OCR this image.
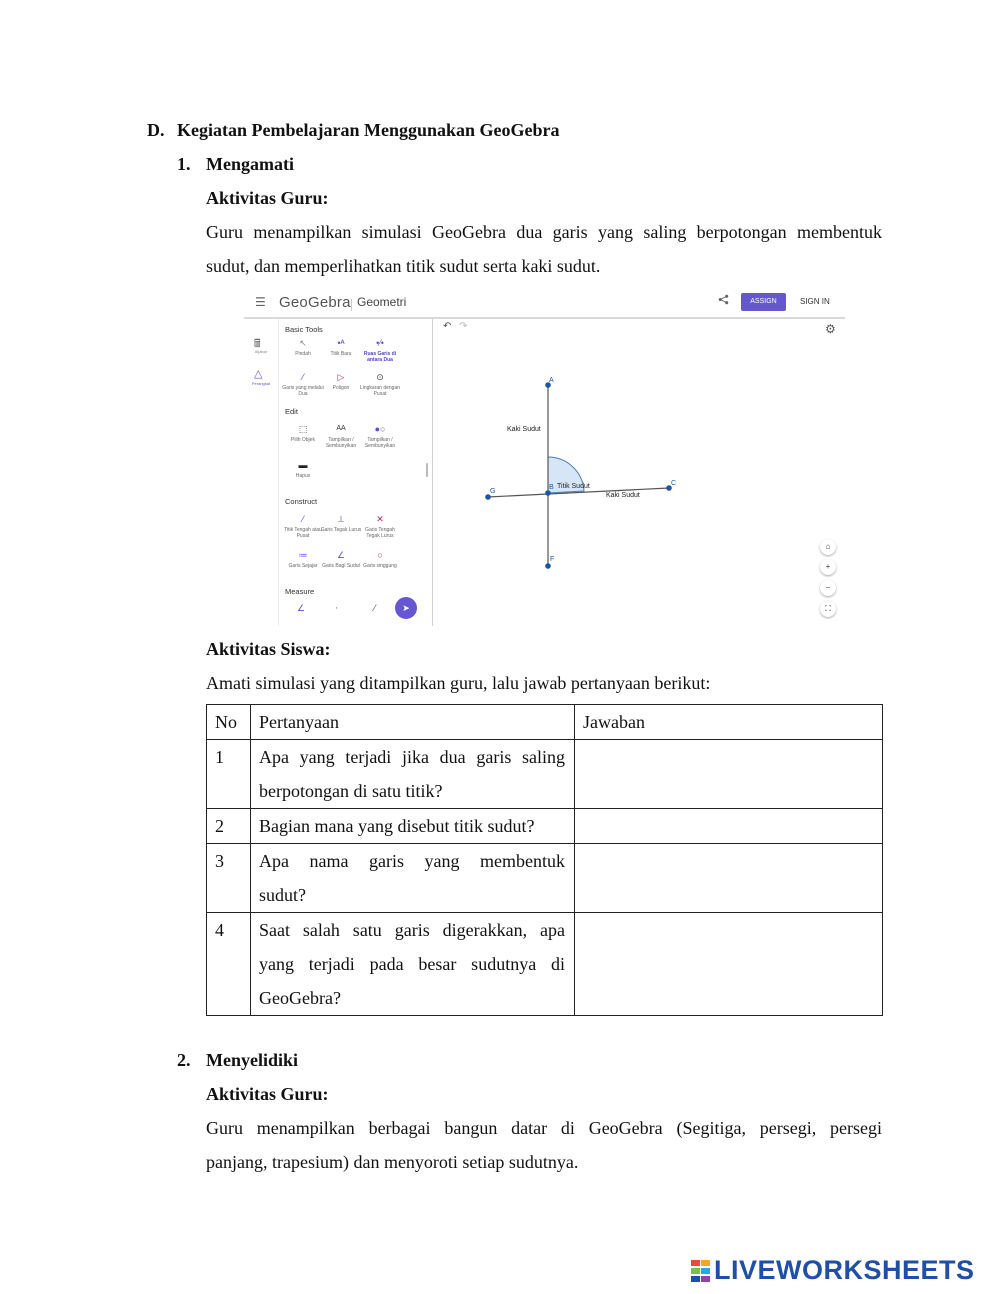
D. Kegiatan Pembelajaran Menggunakan GeoGebra
1. Mengamati
Aktivitas Guru:
Guru menampilkan simulasi GeoGebra dua garis yang saling berpotongan membentuk
sudut, dan memperlihatkan titik sudut serta kaki sudut.
☰ GeoGebra Geometri	ASSIGN	SIGN IN
🖩
Aljabar
△
Perangkat
Basic Tools
↖
Pindah
•ᴬ
Titik Baru
•⁄•
Ruas Garis di antara Dua
⁄
Garis yang melalui Dua
▷
Poligon
⊙
Lingkaran dengan Pusat
Edit
⬚
Pilih Objek
AA
Tampilkan / Sembunyikan
●○
Tampilkan / Sembunyikan
▬
Hapus
Construct
⁄
Titik Tengah atau Pusat
⟂
Garis Tegak Lurus
✕
Garis Tengah Tegak Lurus
≔
Garis Sejajar
∠
Garis Bagi Sudut
○
Garis singgung
Measure
∠	⋅	⁄	➤
↶ ↷	⚙
A
B
C
F
G
Kaki Sudut
Titik Sudut
Kaki Sudut
⌂
+
−
⛶
Aktivitas Siswa:
Amati simulasi yang ditampilkan guru, lalu jawab pertanyaan berikut:
No	Pertanyaan	Jawaban
1	Apa yang terjadi jika dua garis saling
berpotongan di satu titik?	

2	Bagian mana yang disebut titik sudut?	

3	Apa nama garis yang membentuk
sudut?	

4	Saat salah satu garis digerakkan, apa
yang terjadi pada besar sudutnya di
GeoGebra?	

2. Menyelidiki
Aktivitas Guru:
Guru menampilkan berbagai bangun datar di GeoGebra (Segitiga, persegi, persegi
panjang, trapesium) dan menyoroti setiap sudutnya.
LIVEWORKSHEETS
